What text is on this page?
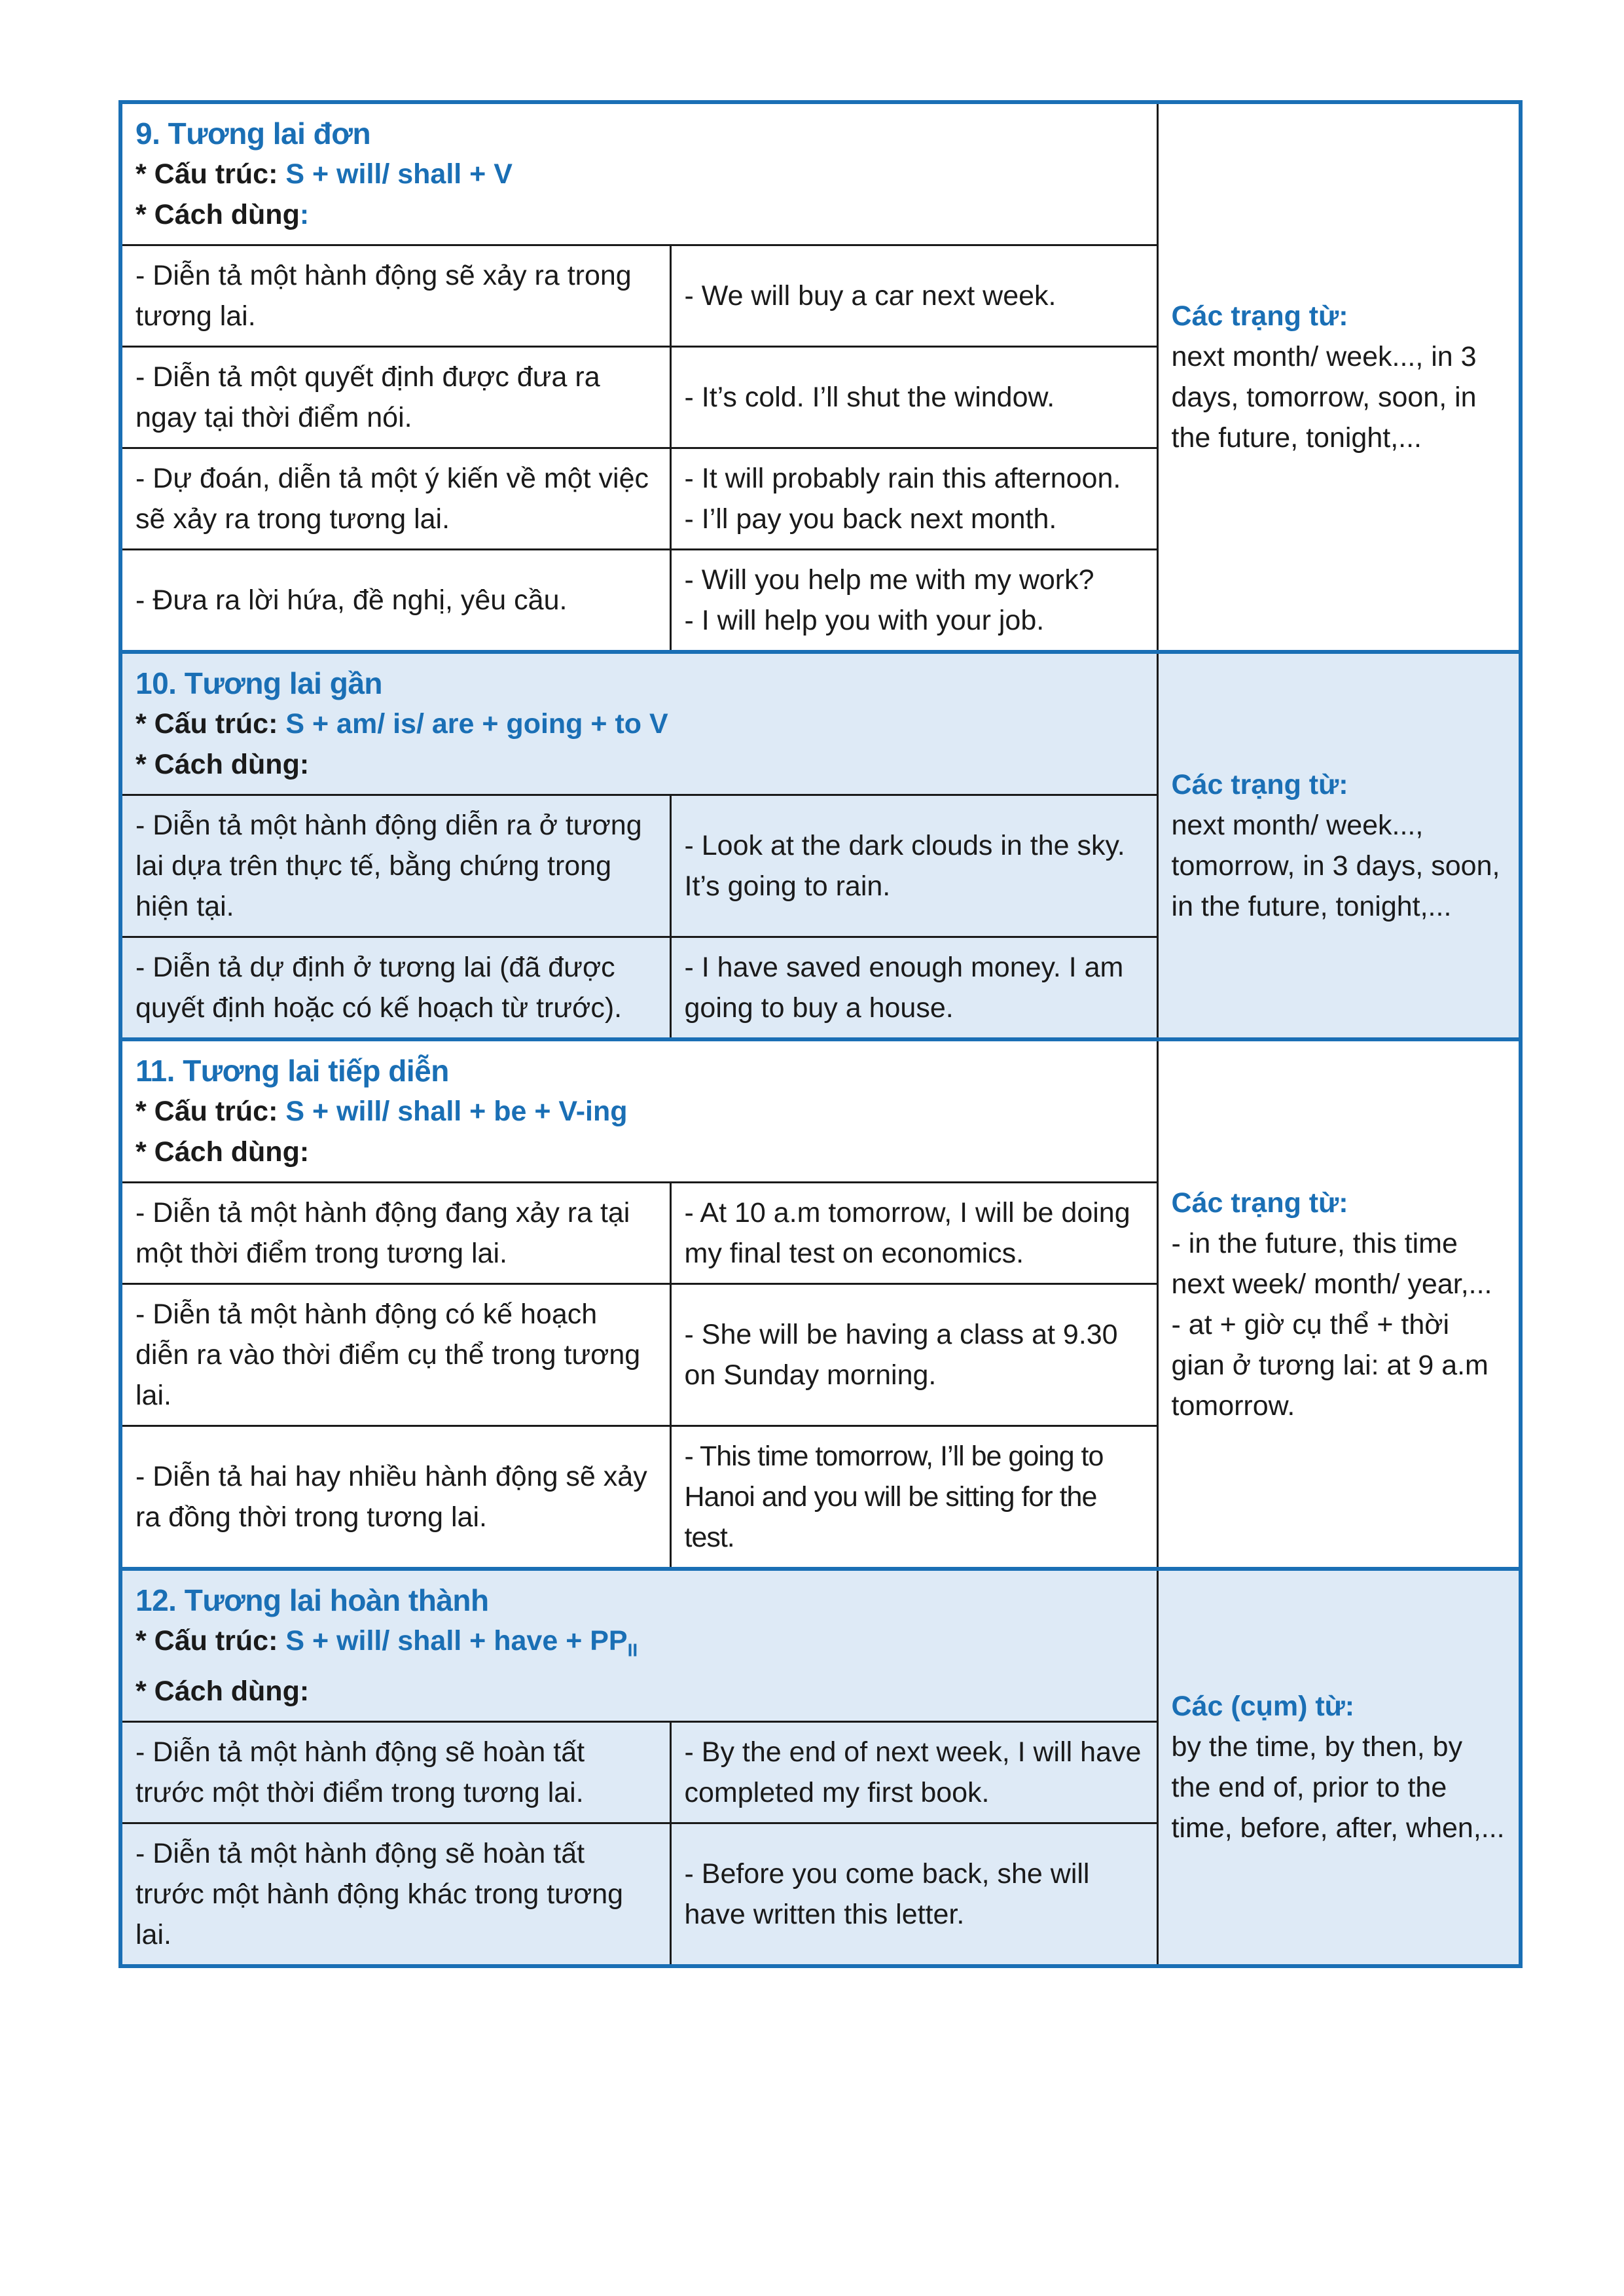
9. Tương lai đơn
* Cấu trúc: S + will/ shall + V
* Cách dùng:		Các trạng từ:
next month/ week..., in 3 days, tomorrow, soon, in the future, tonight,...
- Diễn tả một hành động sẽ xảy ra trong tương lai.	- We will buy a car next week.	

- Diễn tả một quyết định được đưa ra ngay tại thời điểm nói.	- It’s cold. I’ll shut the window.	

- Dự đoán, diễn tả một ý kiến về một việc sẽ xảy ra trong tương lai.	- It will probably rain this afternoon.
- I’ll pay you back next month.	

- Đưa ra lời hứa, đề nghị, yêu cầu.	- Will you help me with my work?
- I will help you with your job.	

10. Tương lai gần
* Cấu trúc: S + am/ is/ are + going + to V
* Cách dùng:		Các trạng từ:
next month/ week..., tomorrow, in 3 days, soon, in the future, tonight,...
- Diễn tả một hành động diễn ra ở tương lai dựa trên thực tế, bằng chứng trong hiện tại.	- Look at the dark clouds in the sky. It’s going to rain.	
- Diễn tả dự định ở tương lai (đã được quyết định hoặc có kế hoạch từ trước).	- I have saved enough money. I am going to buy a house.	

11. Tương lai tiếp diễn
* Cấu trúc: S + will/ shall + be + V-ing
* Cách dùng:		Các trạng từ:
- in the future, this time next week/ month/ year,...
- at + giờ cụ thể + thời gian ở tương lai: at 9 a.m tomorrow.

- Diễn tả một hành động đang xảy ra tại một thời điểm trong tương lai.	- At 10 a.m tomorrow, I will be doing my final test on economics.	
- Diễn tả một hành động có kế hoạch diễn ra vào thời điểm cụ thể trong tương lai.	- She will be having a class at 9.30 on Sunday morning.	
- Diễn tả hai hay nhiều hành động sẽ xảy ra đồng thời trong tương lai.	- This time tomorrow, I’ll be going to Hanoi and you will be sitting for the test.	

12. Tương lai hoàn thành
* Cấu trúc: S + will/ shall + have + $PP_{II}$
* Cách dùng:		Các (cụm) từ:
by the time, by then, by the end of, prior to the time, before, after, when,...
- Diễn tả một hành động sẽ hoàn tất trước một thời điểm trong tương lai.	- By the end of next week, I will have completed my first book.	
- Diễn tả một hành động sẽ hoàn tất trước một hành động khác trong tương lai.	- Before you come back, she will have written this letter.	
